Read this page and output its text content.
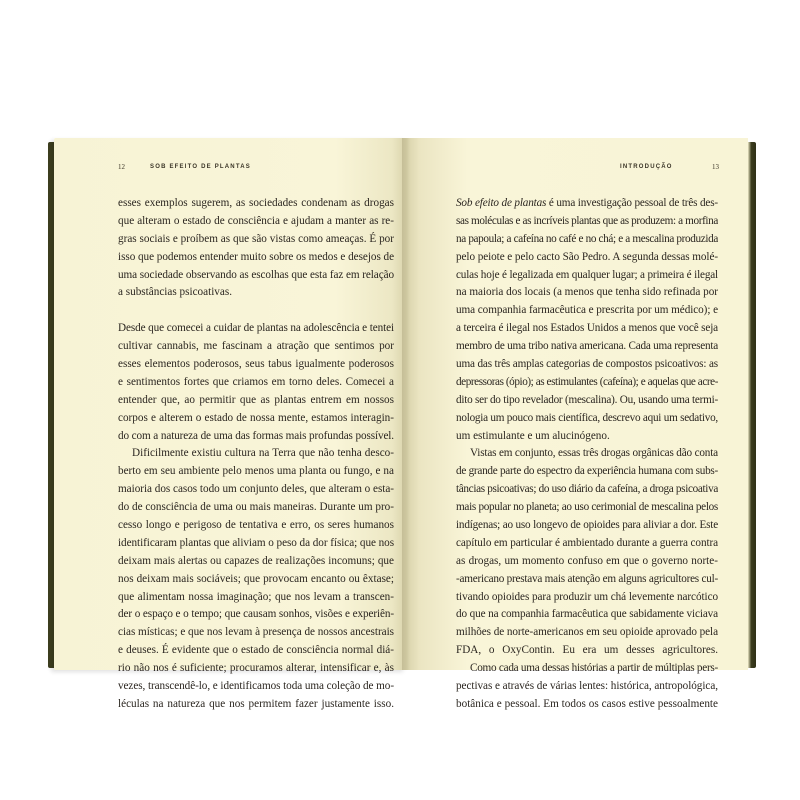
12	SOB EFEITO DE PLANTAS
esses exemplos sugerem, as sociedades condenam as drogas
que alteram o estado de consciência e ajudam a manter as re-
gras sociais e proíbem as que são vistas como ameaças. É por
isso que podemos entender muito sobre os medos e desejos de
uma sociedade observando as escolhas que esta faz em relação
a substâncias psicoativas.
Desde que comecei a cuidar de plantas na adolescência e tentei
cultivar cannabis, me fascinam a atração que sentimos por
esses elementos poderosos, seus tabus igualmente poderosos
e sentimentos fortes que criamos em torno deles. Comecei a
entender que, ao permitir que as plantas entrem em nossos
corpos e alterem o estado de nossa mente, estamos interagin-
do com a natureza de uma das formas mais profundas possível.
Dificilmente existiu cultura na Terra que não tenha desco-
berto em seu ambiente pelo menos uma planta ou fungo, e na
maioria dos casos todo um conjunto deles, que alteram o esta-
do de consciência de uma ou mais maneiras. Durante um pro-
cesso longo e perigoso de tentativa e erro, os seres humanos
identificaram plantas que aliviam o peso da dor física; que nos
deixam mais alertas ou capazes de realizações incomuns; que
nos deixam mais sociáveis; que provocam encanto ou êxtase;
que alimentam nossa imaginação; que nos levam a transcen-
der o espaço e o tempo; que causam sonhos, visões e experiên-
cias místicas; e que nos levam à presença de nossos ancestrais
e deuses. É evidente que o estado de consciência normal diá-
rio não nos é suficiente; procuramos alterar, intensificar e, às
vezes, transcendê-lo, e identificamos toda uma coleção de mo-
léculas na natureza que nos permitem fazer justamente isso.
INTRODUÇÃO	13
Sob efeito de plantas é uma investigação pessoal de três des-
sas moléculas e as incríveis plantas que as produzem: a morfina
na papoula; a cafeína no café e no chá; e a mescalina produzida
pelo peiote e pelo cacto São Pedro. A segunda dessas molé-
culas hoje é legalizada em qualquer lugar; a primeira é ilegal
na maioria dos locais (a menos que tenha sido refinada por
uma companhia farmacêutica e prescrita por um médico); e
a terceira é ilegal nos Estados Unidos a menos que você seja
membro de uma tribo nativa americana. Cada uma representa
uma das três amplas categorias de compostos psicoativos: as
depressoras (ópio); as estimulantes (cafeína); e aquelas que acre-
dito ser do tipo revelador (mescalina). Ou, usando uma termi-
nologia um pouco mais científica, descrevo aqui um sedativo,
um estimulante e um alucinógeno.
Vistas em conjunto, essas três drogas orgânicas dão conta
de grande parte do espectro da experiência humana com subs-
tâncias psicoativas; do uso diário da cafeína, a droga psicoativa
mais popular no planeta; ao uso cerimonial de mescalina pelos
indígenas; ao uso longevo de opioides para aliviar a dor. Este
capítulo em particular é ambientado durante a guerra contra
as drogas, um momento confuso em que o governo norte-
-americano prestava mais atenção em alguns agricultores cul-
tivando opioides para produzir um chá levemente narcótico
do que na companhia farmacêutica que sabidamente viciava
milhões de norte-americanos em seu opioide aprovado pela
FDA, o OxyContin. Eu era um desses agricultores.
Como cada uma dessas histórias a partir de múltiplas pers-
pectivas e através de várias lentes: histórica, antropológica,
botânica e pessoal. Em todos os casos estive pessoalmente
